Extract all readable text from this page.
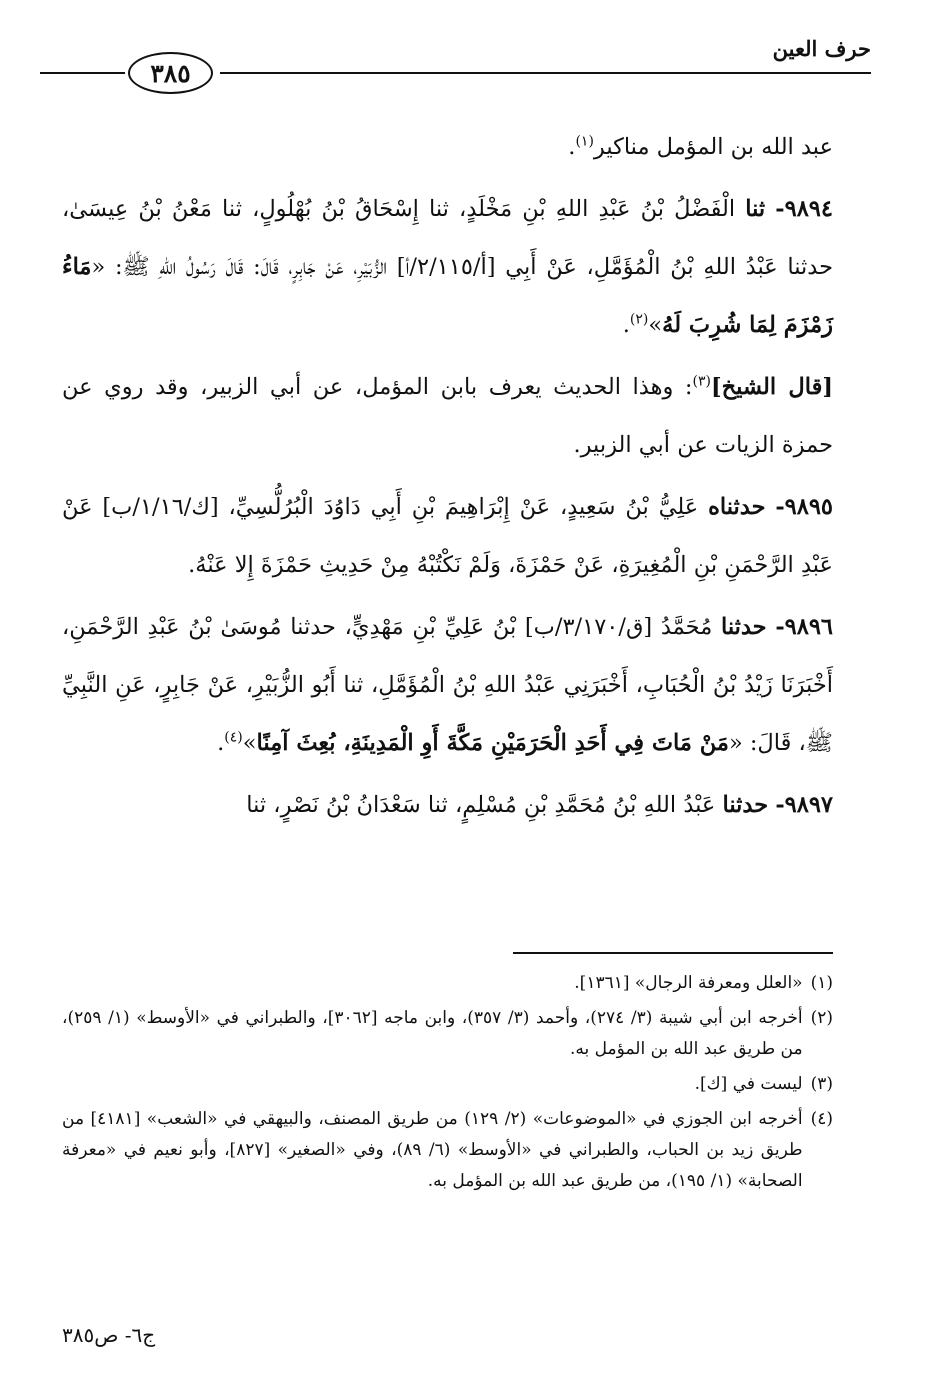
حرف العين
٣٨٥

عبد الله بن المؤمل مناكير$^{(١)}$.

٩٨٩٤- ثنا الْفَضْلُ بْنُ عَبْدِ اللهِ بْنِ مَخْلَدٍ، ثنا إِسْحَاقُ بْنُ بُهْلُولٍ، ثنا مَعْنُ بْنُ عِيسَىٰ، حدثنا عَبْدُ اللهِ بْنُ الْمُؤَمَّلِ، عَنْ أَبِي [أ/٢/١١٥/أ] الزُّبَيْرِ، عَنْ جَابِرٍ، قَالَ: قَالَ رَسُولُ اللهِ ﷺ: «مَاءُ زَمْزَمَ لِمَا شُرِبَ لَهُ»$^{(٢)}$.

[قال الشيخ]$^{(٣)}$: وهذا الحديث يعرف بابن المؤمل، عن أبي الزبير، وقد روي عن حمزة الزيات عن أبي الزبير.

٩٨٩٥- حدثناه عَلِيُّ بْنُ سَعِيدٍ، عَنْ إِبْرَاهِيمَ بْنِ أَبِي دَاوُدَ الْبُرُلُّسِيِّ، [ك/١/١٦/ب] عَنْ عَبْدِ الرَّحْمَنِ بْنِ الْمُغِيرَةِ، عَنْ حَمْزَةَ، وَلَمْ نَكْتُبْهُ مِنْ حَدِيثِ حَمْزَةَ إِلا عَنْهُ.

٩٨٩٦- حدثنا مُحَمَّدُ [ق/٣/١٧٠/ب] بْنُ عَلِيِّ بْنِ مَهْدِيٍّ، حدثنا مُوسَىٰ بْنُ عَبْدِ الرَّحْمَنِ، أَخْبَرَنَا زَيْدُ بْنُ الْحُبَابِ، أَخْبَرَنِي عَبْدُ اللهِ بْنُ الْمُؤَمَّلِ، ثنا أَبُو الزُّبَيْرِ، عَنْ جَابِرٍ، عَنِ النَّبِيِّ ﷺ، قَالَ: «مَنْ مَاتَ فِي أَحَدِ الْحَرَمَيْنِ مَكَّةَ أَوِ الْمَدِينَةِ، بُعِثَ آمِنًا»$^{(٤)}$.

٩٨٩٧- حدثنا عَبْدُ اللهِ بْنُ مُحَمَّدِ بْنِ مُسْلِمٍ، ثنا سَعْدَانُ بْنُ نَصْرٍ، ثنا

(١)
«العلل ومعرفة الرجال» [١٣٦١].
(٢)
أخرجه ابن أبي شيبة (٣/ ٢٧٤)، وأحمد (٣/ ٣٥٧)، وابن ماجه [٣٠٦٢]، والطبراني في «الأوسط» (١/ ٢٥٩)، من طريق عبد الله بن المؤمل به.
(٣)
ليست في [ك].
(٤)
أخرجه ابن الجوزي في «الموضوعات» (٢/ ١٢٩) من طريق المصنف، والبيهقي في «الشعب» [٤١٨١] من طريق زيد بن الحباب، والطبراني في «الأوسط» (٦/ ٨٩)، وفي «الصغير» [٨٢٧]، وأبو نعيم في «معرفة الصحابة» (١/ ١٩٥)، من طريق عبد الله بن المؤمل به.
ج٦- ص٣٨٥
